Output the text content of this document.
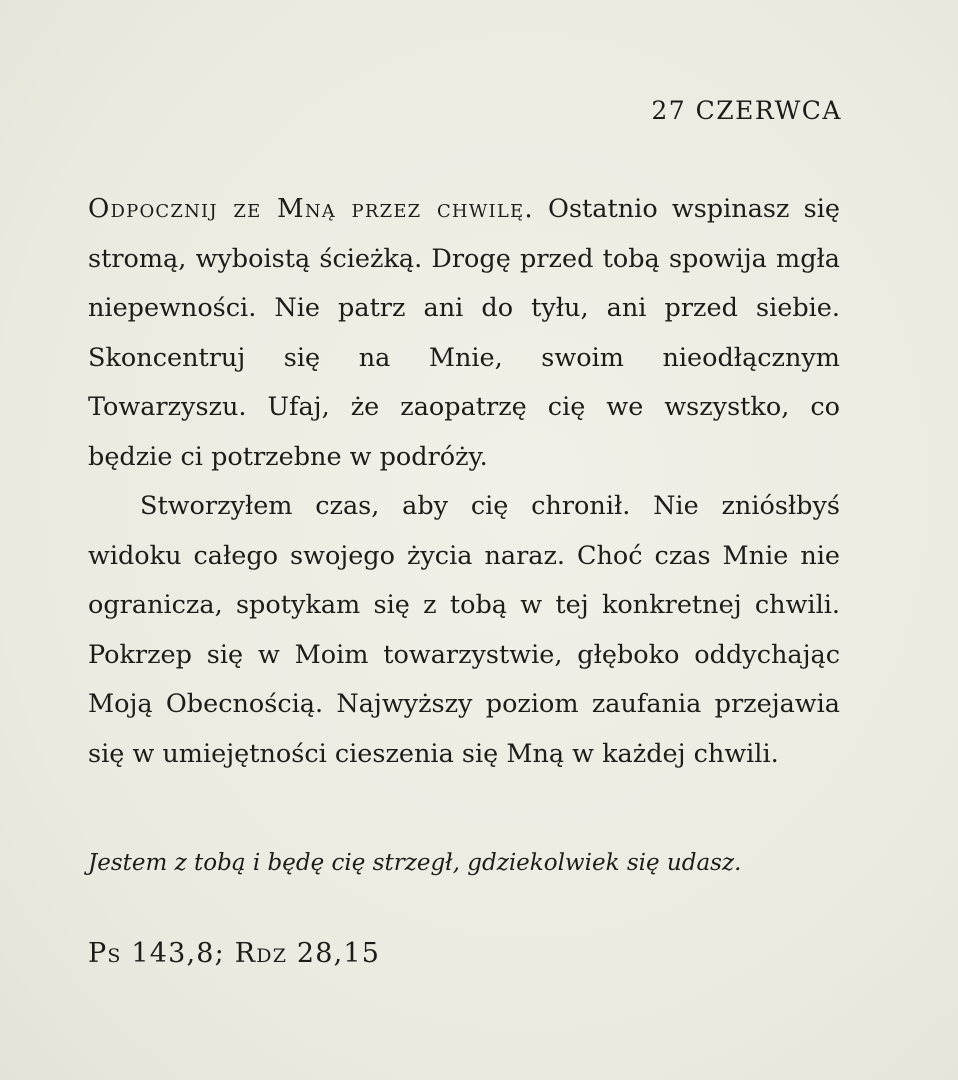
27 CZERWCA

Odpocznij ze Mną przez chwilę. Ostatnio wspinasz się stromą, wyboistą ścieżką. Drogę przed tobą spowija mgła niepewności. Nie patrz ani do tyłu, ani przed siebie. Skoncentruj się na Mnie, swoim nieodłącznym Towarzyszu. Ufaj, że zaopatrzę cię we wszystko, co będzie ci potrzebne w podróży.

Stworzyłem czas, aby cię chronił. Nie zniósłbyś widoku całego swojego życia naraz. Choć czas Mnie nie ogranicza, spotykam się z tobą w tej konkretnej chwili. Pokrzep się w Moim towarzystwie, głęboko oddychając Moją Obecnością. Najwyższy poziom zaufania przejawia się w umiejętności cieszenia się Mną w każdej chwili.

Jestem z tobą i będę cię strzegł, gdziekolwiek się udasz.
Ps 143,8; Rdz 28,15
